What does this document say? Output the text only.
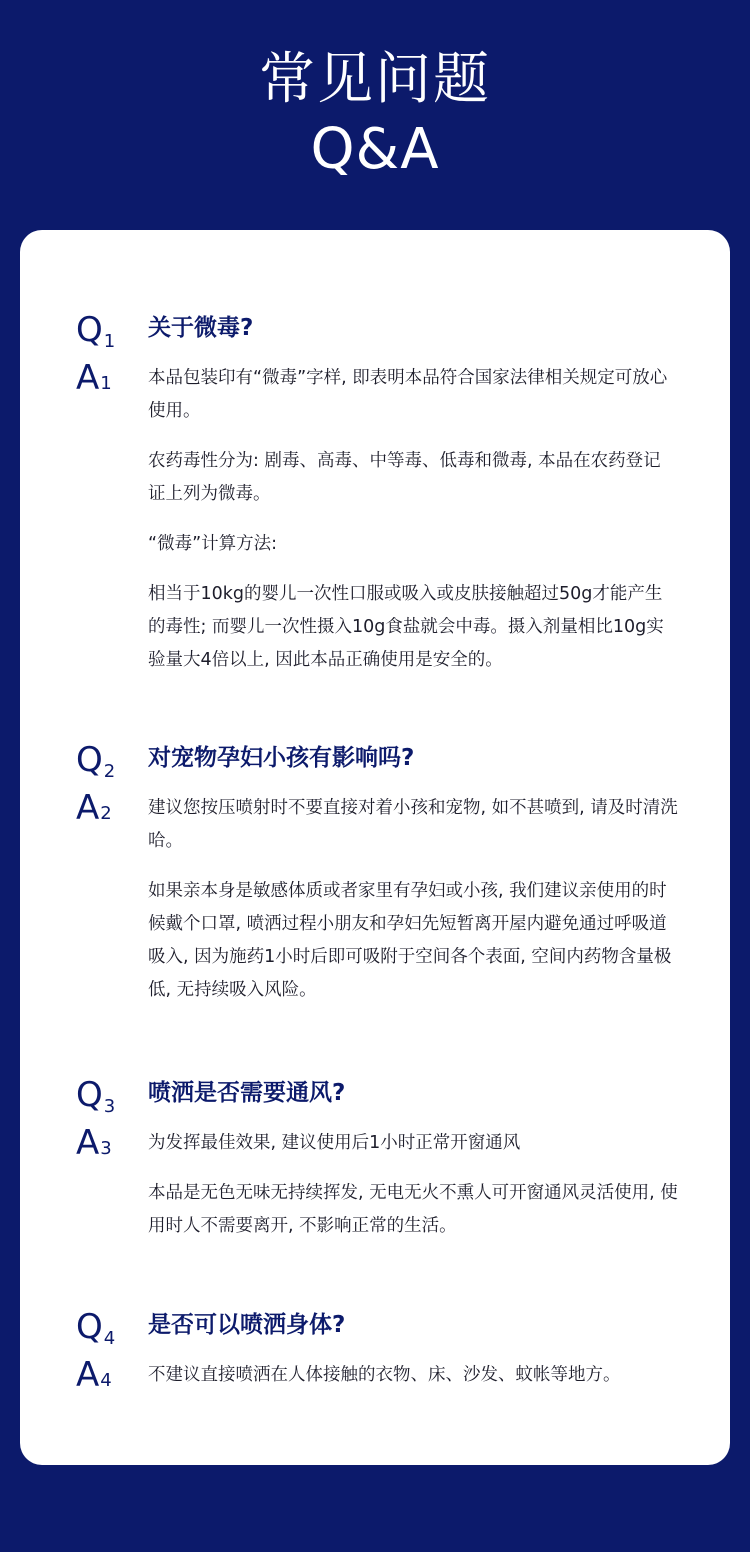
常见问题
Q&A
$Q_1$
关于微毒?
A1 本品包装印有“微毒”字样, 即表明本品符合国家法律相关规定可放心使用。

农药毒性分为: 剧毒、高毒、中等毒、低毒和微毒, 本品在农药登记证上列为微毒。

“微毒”计算方法:

相当于10kg的婴儿一次性口服或吸入或皮肤接触超过50g才能产生的毒性; 而婴儿一次性摄入10g食盐就会中毒。摄入剂量相比10g实验量大4倍以上, 因此本品正确使用是安全的。

$Q_2$
对宠物孕妇小孩有影响吗?
A2 建议您按压喷射时不要直接对着小孩和宠物, 如不甚喷到, 请及时清洗哈。

如果亲本身是敏感体质或者家里有孕妇或小孩, 我们建议亲使用的时候戴个口罩, 喷洒过程小朋友和孕妇先短暂离开屋内避免通过呼吸道吸入, 因为施药1小时后即可吸附于空间各个表面, 空间内药物含量极低, 无持续吸入风险。

$Q_3$
喷洒是否需要通风?
A3 为发挥最佳效果, 建议使用后1小时正常开窗通风

本品是无色无味无持续挥发, 无电无火不熏人可开窗通风灵活使用, 使用时人不需要离开, 不影响正常的生活。

$Q_4$
是否可以喷洒身体?
A4 不建议直接喷洒在人体接触的衣物、床、沙发、蚊帐等地方。
